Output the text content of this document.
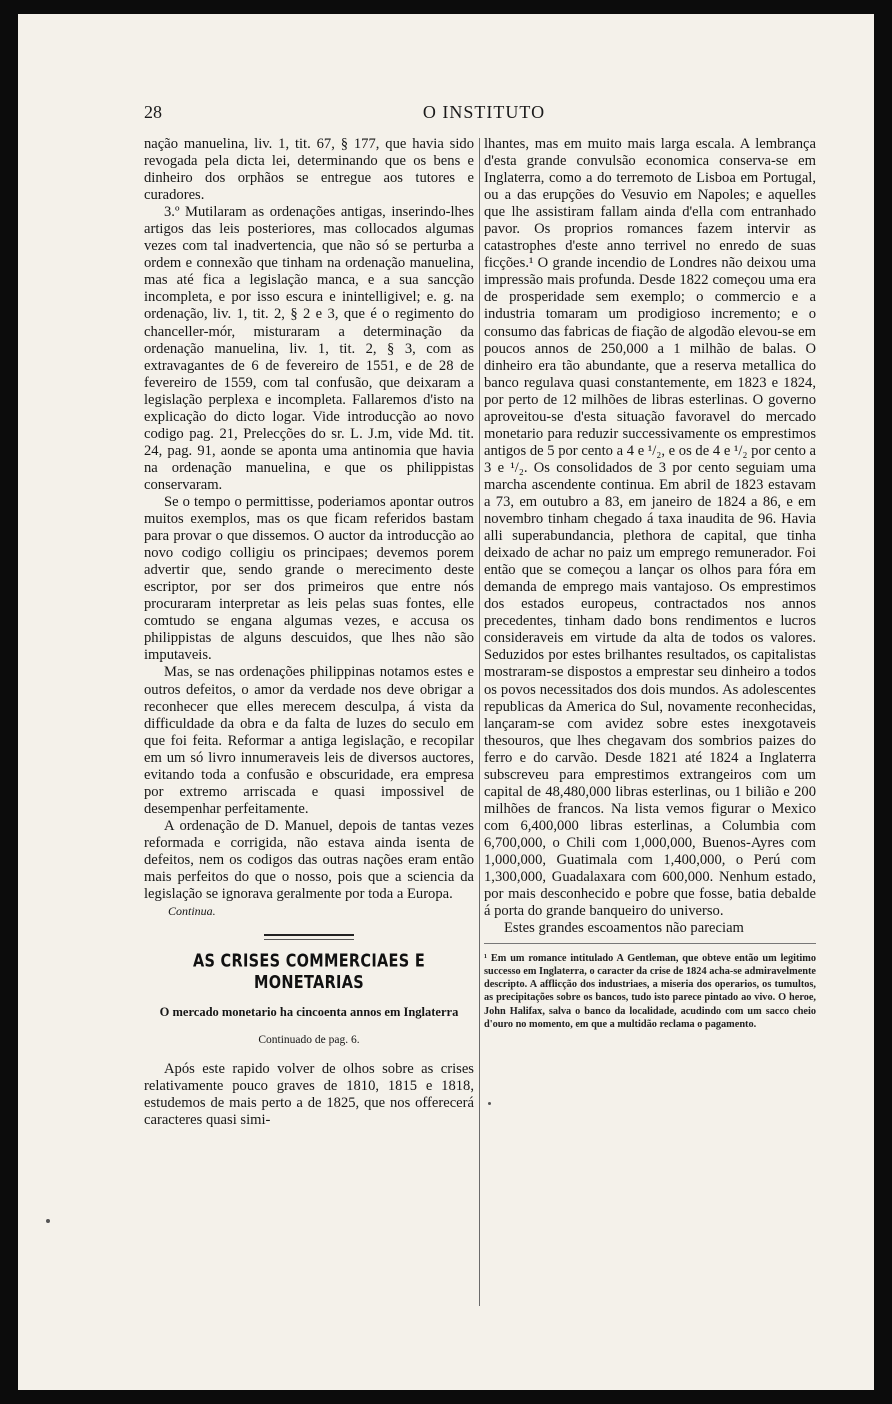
28	O INSTITUTO

nação manuelina, liv. 1, tit. 67, § 177, que havia sido revogada pela dicta lei, determinando que os bens e dinheiro dos orphãos se entregue aos tutores e curadores.

3.º Mutilaram as ordenações antigas, inserindo-lhes artigos das leis posteriores, mas collocados algumas vezes com tal inadvertencia, que não só se perturba a ordem e connexão que tinham na ordenação manuelina, mas até fica a legislação manca, e a sua sancção incompleta, e por isso escura e inintelligivel; e. g. na ordenação, liv. 1, tit. 2, § 2 e 3, que é o regimento do chanceller-mór, misturaram a determinação da ordenação manuelina, liv. 1, tit. 2, § 3, com as extravagantes de 6 de fevereiro de 1551, e de 28 de fevereiro de 1559, com tal confusão, que deixaram a legislação perplexa e incompleta. Fallaremos d'isto na explicação do dicto logar. Vide introducção ao novo codigo pag. 21, Prelecções do sr. L. J.m, vide Md. tit. 24, pag. 91, aonde se aponta uma antinomia que havia na ordenação manuelina, e que os philippistas conservaram.

Se o tempo o permittisse, poderiamos apontar outros muitos exemplos, mas os que ficam referidos bastam para provar o que dissemos. O auctor da introducção ao novo codigo colligiu os principaes; devemos porem advertir que, sendo grande o merecimento deste escriptor, por ser dos primeiros que entre nós procuraram interpretar as leis pelas suas fontes, elle comtudo se engana algumas vezes, e accusa os philippistas de alguns descuidos, que lhes não são imputaveis.

Mas, se nas ordenações philippinas notamos estes e outros defeitos, o amor da verdade nos deve obrigar a reconhecer que elles merecem desculpa, á vista da difficuldade da obra e da falta de luzes do seculo em que foi feita. Reformar a antiga legislação, e recopilar em um só livro innumeraveis leis de diversos auctores, evitando toda a confusão e obscuridade, era empresa por extremo arriscada e quasi impossivel de desempenhar perfeitamente.

A ordenação de D. Manuel, depois de tantas vezes reformada e corrigida, não estava ainda isenta de defeitos, nem os codigos das outras nações eram então mais perfeitos do que o nosso, pois que a sciencia da legislação se ignorava geralmente por toda a Europa.

Continua.
AS CRISES COMMERCIAES E MONETARIAS
O mercado monetario ha cincoenta annos em Inglaterra
Continuado de pag. 6.

Após este rapido volver de olhos sobre as crises relativamente pouco graves de 1810, 1815 e 1818, estudemos de mais perto a de 1825, que nos offerecerá caracteres quasi simi-

lhantes, mas em muito mais larga escala. A lembrança d'esta grande convulsão economica conserva-se em Inglaterra, como a do terremoto de Lisboa em Portugal, ou a das erupções do Vesuvio em Napoles; e aquelles que lhe assistiram fallam ainda d'ella com entranhado pavor. Os proprios romances fazem intervir as catastrophes d'este anno terrivel no enredo de suas ficções.¹ O grande incendio de Londres não deixou uma impressão mais profunda. Desde 1822 começou uma era de prosperidade sem exemplo; o commercio e a industria tomaram um prodigioso incremento; e o consumo das fabricas de fiação de algodão elevou-se em poucos annos de 250,000 a 1 milhão de balas. O dinheiro era tão abundante, que a reserva metallica do banco regulava quasi constantemente, em 1823 e 1824, por perto de 12 milhões de libras esterlinas. O governo aproveitou-se d'esta situação favoravel do mercado monetario para reduzir successivamente os emprestimos antigos de 5 por cento a 4 e ¹/₂, e os de 4 e ¹/₂ por cento a 3 e ¹/₂. Os consolidados de 3 por cento seguiam uma marcha ascendente continua. Em abril de 1823 estavam a 73, em outubro a 83, em janeiro de 1824 a 86, e em novembro tinham chegado á taxa inaudita de 96. Havia alli superabundancia, plethora de capital, que tinha deixado de achar no paiz um emprego remunerador. Foi então que se começou a lançar os olhos para fóra em demanda de emprego mais vantajoso. Os emprestimos dos estados europeus, contractados nos annos precedentes, tinham dado bons rendimentos e lucros consideraveis em virtude da alta de todos os valores. Seduzidos por estes brilhantes resultados, os capitalistas mostraram-se dispostos a emprestar seu dinheiro a todos os povos necessitados dos dois mundos. As adolescentes republicas da America do Sul, novamente reconhecidas, lançaram-se com avidez sobre estes inexgotaveis thesouros, que lhes chegavam dos sombrios paizes do ferro e do carvão. Desde 1821 até 1824 a Inglaterra subscreveu para emprestimos extrangeiros com um capital de 48,480,000 libras esterlinas, ou 1 bilião e 200 milhões de francos. Na lista vemos figurar o Mexico com 6,400,000 libras esterlinas, a Columbia com 6,700,000, o Chili com 1,000,000, Buenos-Ayres com 1,000,000, Guatimala com 1,400,000, o Perú com 1,300,000, Guadalaxara com 600,000. Nenhum estado, por mais desconhecido e pobre que fosse, batia debalde á porta do grande banqueiro do universo.

Estes grandes escoamentos não pareciam

¹ Em um romance intitulado A Gentleman, que obteve então um legitimo successo em Inglaterra, o caracter da crise de 1824 acha-se admiravelmente descripto. A afflicção dos industriaes, a miseria dos operarios, os tumultos, as precipitações sobre os bancos, tudo isto parece pintado ao vivo. O heroe, John Halifax, salva o banco da localidade, acudindo com um sacco cheio d'ouro no momento, em que a multidão reclama o pagamento.
